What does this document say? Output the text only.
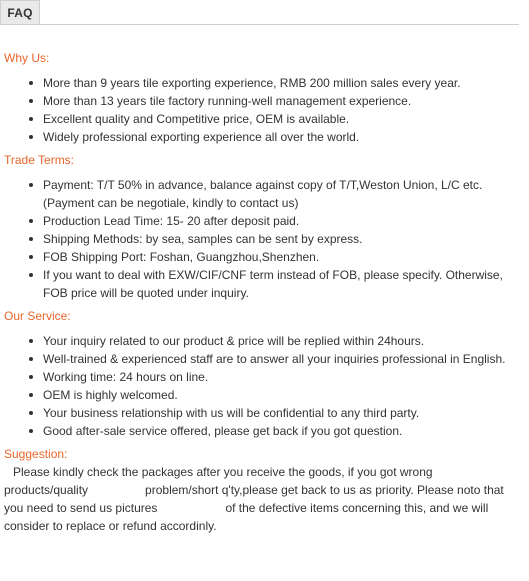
FAQ

Why Us:

More than 9 years tile exporting experience, RMB 200 million sales every year.
More than 13 years tile factory running-well management experience.
Excellent quality and Competitive price, OEM is available.
Widely professional exporting experience all over the world.

Trade Terms:

Payment: T/T 50% in advance, balance against copy of T/T,Weston Union, L/C etc.
(Payment can be negotiale, kindly to contact us)
Production Lead Time: 15- 20 after deposit paid.
Shipping Methods: by sea, samples can be sent by express.
FOB Shipping Port: Foshan, Guangzhou,Shenzhen.
If you want to deal with EXW/CIF/CNF term instead of FOB, please specify. Otherwise,
FOB price will be quoted under inquiry.

Our Service:

Your inquiry related to our product & price will be replied within 24hours.
Well-trained & experienced staff are to answer all your inquiries professional in English.
Working time: 24 hours on line.
OEM is highly welcomed.
Your business relationship with us will be confidential to any third party.
Good after-sale service offered, please get back if you got question.

Suggestion:

Please kindly check the packages after you receive the goods, if you got wrong
products/quality	problem/short q'ty,please get back to us as priority. Please noto that
you need to send us pictures	of the defective items concerning this, and we will
consider to replace or refund accordinly.
